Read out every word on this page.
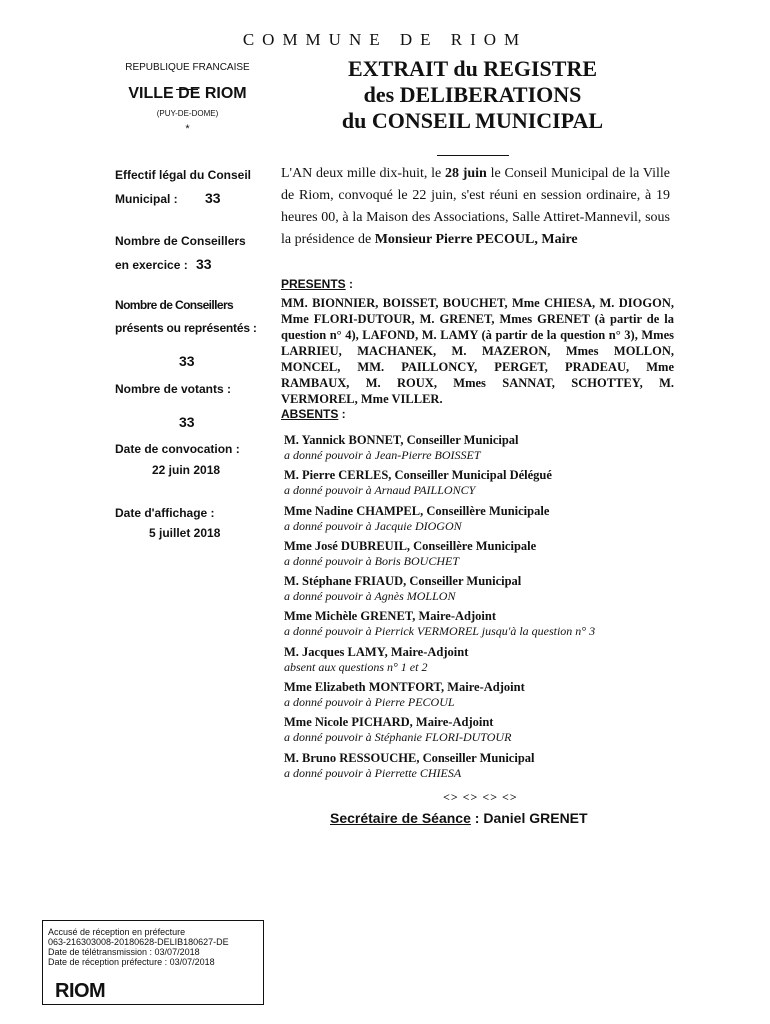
COMMUNE DE RIOM
REPUBLIQUE FRANCAISE
VILLE DE RIOM
(PUY-DE-DOME)
*
EXTRAIT du REGISTRE
des DELIBERATIONS
du CONSEIL MUNICIPAL
Effectif légal du Conseil
Municipal : 33
Nombre de Conseillers
en exercice : 33
Nombre de Conseillers
présents ou représentés :
33
Nombre de votants :
33
Date de convocation :
22 juin 2018
Date d'affichage :
5 juillet 2018
L'AN deux mille dix-huit, le 28 juin le Conseil Municipal de la Ville de Riom, convoqué le 22 juin, s'est réuni en session ordinaire, à 19 heures 00, à la Maison des Associations, Salle Attiret-Mannevil, sous la présidence de Monsieur Pierre PECOUL, Maire
PRESENTS :
MM. BIONNIER, BOISSET, BOUCHET, Mme CHIESA, M. DIOGON, Mme FLORI-DUTOUR, M. GRENET, Mmes GRENET (à partir de la question n° 4), LAFOND, M. LAMY (à partir de la question n° 3), Mmes LARRIEU, MACHANEK, M. MAZERON, Mmes MOLLON, MONCEL, MM. PAILLONCY, PERGET, PRADEAU, Mme RAMBAUX, M. ROUX, Mmes SANNAT, SCHOTTEY, M. VERMOREL, Mme VILLER.
ABSENTS :
M. Yannick BONNET, Conseiller Municipal
a donné pouvoir à Jean-Pierre BOISSET
M. Pierre CERLES, Conseiller Municipal Délégué
a donné pouvoir à Arnaud PAILLONCY
Mme Nadine CHAMPEL, Conseillère Municipale
a donné pouvoir à Jacquie DIOGON
Mme José DUBREUIL, Conseillère Municipale
a donné pouvoir à Boris BOUCHET
M. Stéphane FRIAUD, Conseiller Municipal
a donné pouvoir à Agnès MOLLON
Mme Michèle GRENET, Maire-Adjoint
a donné pouvoir à Pierrick VERMOREL jusqu'à la question n° 3
M. Jacques LAMY, Maire-Adjoint
absent aux questions n° 1 et 2
Mme Elizabeth MONTFORT, Maire-Adjoint
a donné pouvoir à Pierre PECOUL
Mme Nicole PICHARD, Maire-Adjoint
a donné pouvoir à Stéphanie FLORI-DUTOUR
M. Bruno RESSOUCHE, Conseiller Municipal
a donné pouvoir à Pierrette CHIESA
<> <> <> <>
Secrétaire de Séance : Daniel GRENET
Accusé de réception en préfecture
063-216303008-20180628-DELIB180627-DE
Date de télétransmission : 03/07/2018
Date de réception préfecture : 03/07/2018
RIOM
